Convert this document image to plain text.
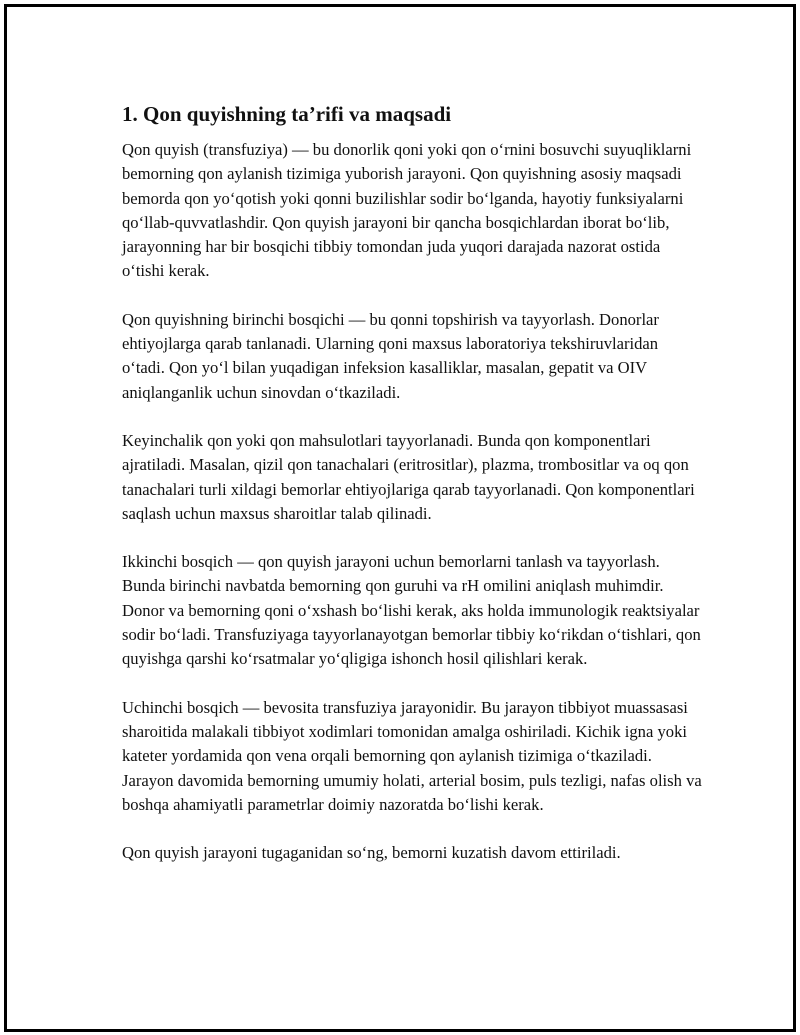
1. Qon quyishning ta’rifi va maqsadi

Qon quyish (transfuziya) — bu donorlik qoni yoki qon o‘rnini bosuvchi suyuqliklarni bemorning qon aylanish tizimiga yuborish jarayoni. Qon quyishning asosiy maqsadi bemorda qon yo‘qotish yoki qonni buzilishlar sodir bo‘lganda, hayotiy funksiyalarni qo‘llab-quvvatlashdir. Qon quyish jarayoni bir qancha bosqichlardan iborat bo‘lib, jarayonning har bir bosqichi tibbiy tomondan juda yuqori darajada nazorat ostida o‘tishi kerak.

Qon quyishning birinchi bosqichi — bu qonni topshirish va tayyorlash. Donorlar ehtiyojlarga qarab tanlanadi. Ularning qoni maxsus laboratoriya tekshiruvlaridan o‘tadi. Qon yo‘l bilan yuqadigan infeksion kasalliklar, masalan, gepatit va OIV aniqlanganlik uchun sinovdan o‘tkaziladi.

Keyinchalik qon yoki qon mahsulotlari tayyorlanadi. Bunda qon komponentlari ajratiladi. Masalan, qizil qon tanachalari (eritrositlar), plazma, trombositlar va oq qon tanachalari turli xildagi bemorlar ehtiyojlariga qarab tayyorlanadi. Qon komponentlari saqlash uchun maxsus sharoitlar talab qilinadi.

Ikkinchi bosqich — qon quyish jarayoni uchun bemorlarni tanlash va tayyorlash. Bunda birinchi navbatda bemorning qon guruhi va rH omilini aniqlash muhimdir. Donor va bemorning qoni o‘xshash bo‘lishi kerak, aks holda immunologik reaktsiyalar sodir bo‘ladi. Transfuziyaga tayyorlanayotgan bemorlar tibbiy ko‘rikdan o‘tishlari, qon quyishga qarshi ko‘rsatmalar yo‘qligiga ishonch hosil qilishlari kerak.

Uchinchi bosqich — bevosita transfuziya jarayonidir. Bu jarayon tibbiyot muassasasi sharoitida malakali tibbiyot xodimlari tomonidan amalga oshiriladi. Kichik igna yoki kateter yordamida qon vena orqali bemorning qon aylanish tizimiga o‘tkaziladi. Jarayon davomida bemorning umumiy holati, arterial bosim, puls tezligi, nafas olish va boshqa ahamiyatli parametrlar doimiy nazoratda bo‘lishi kerak.

Qon quyish jarayoni tugaganidan so‘ng, bemorni kuzatish davom ettiriladi.
